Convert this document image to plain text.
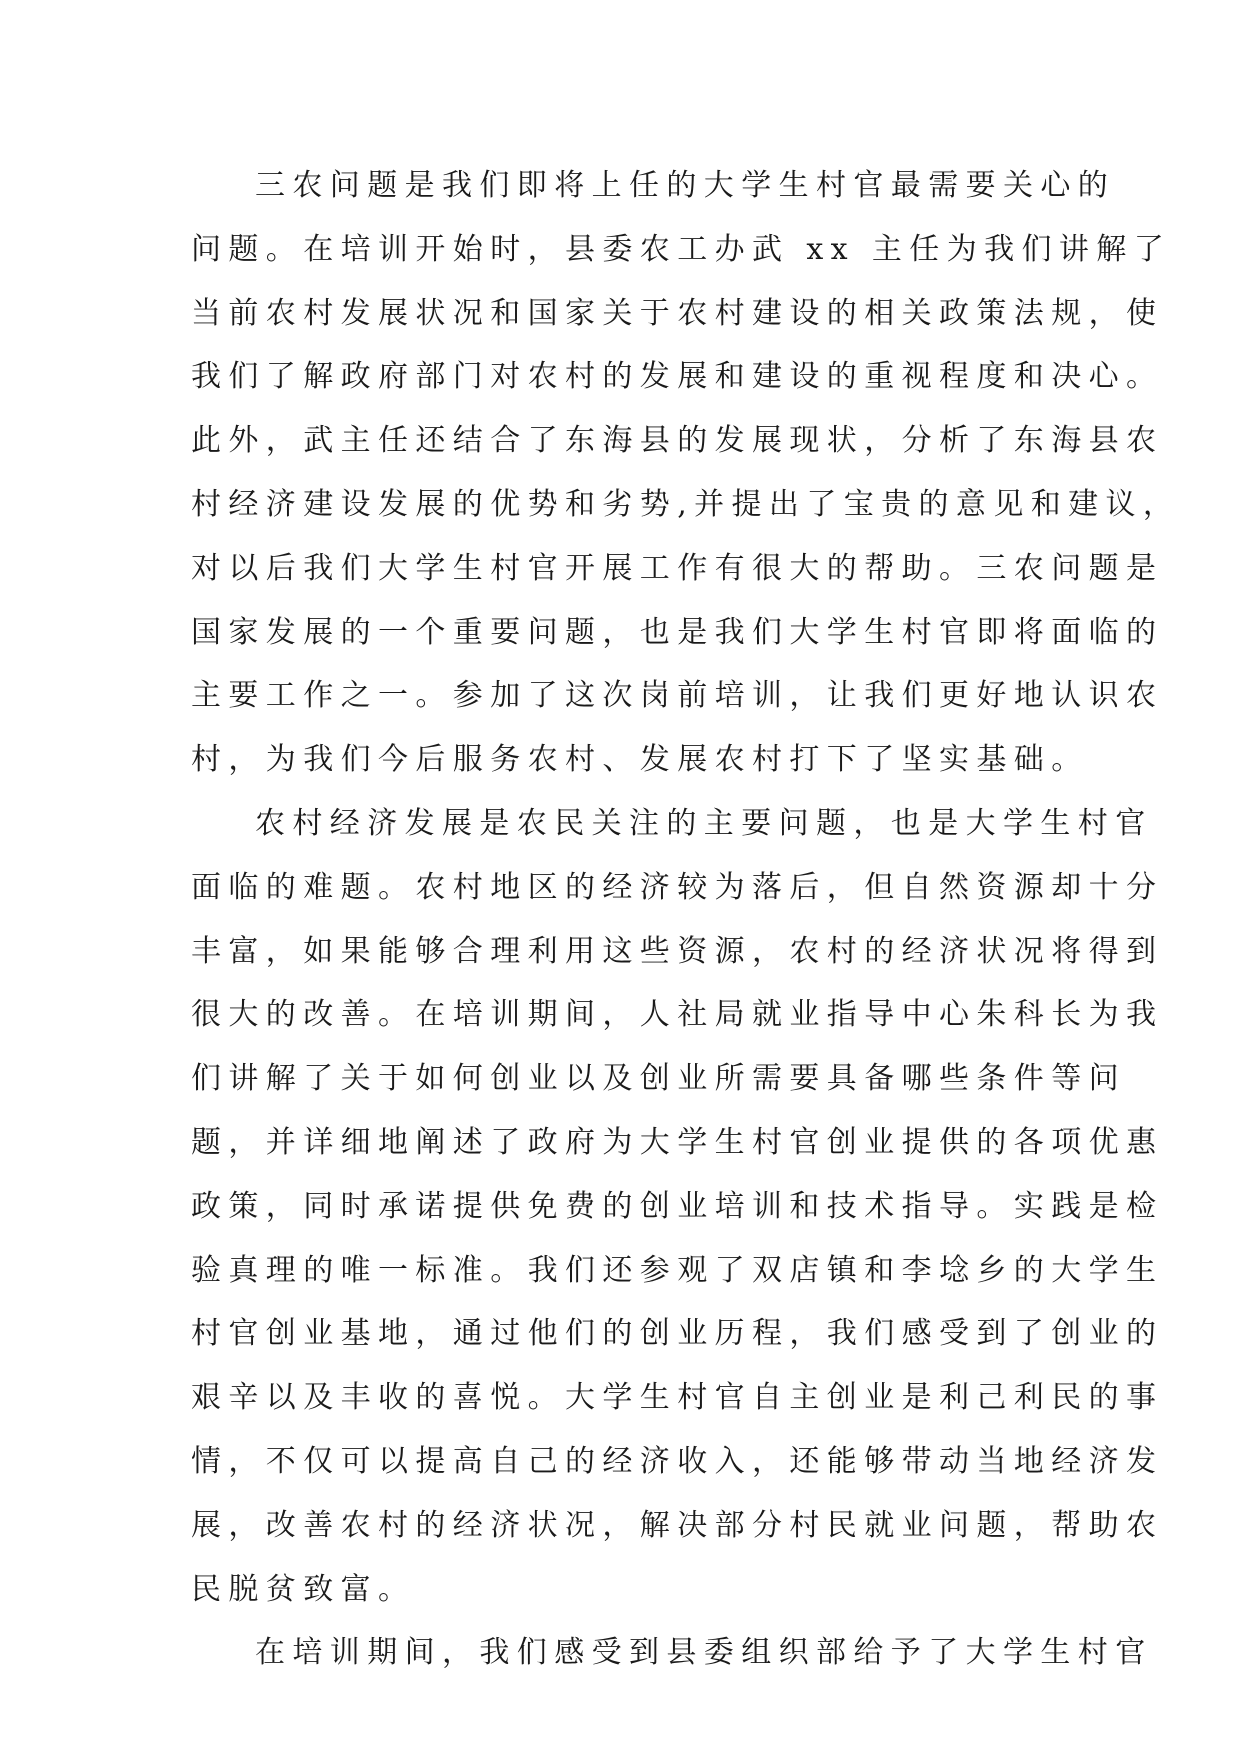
三农问题是我们即将上任的大学生村官最需要关心的
问题。在培训开始时，县委农工办武 xx 主任为我们讲解了
当前农村发展状况和国家关于农村建设的相关政策法规，使
我们了解政府部门对农村的发展和建设的重视程度和决心。
此外，武主任还结合了东海县的发展现状，分析了东海县农
村经济建设发展的优势和劣势,并提出了宝贵的意见和建议，
对以后我们大学生村官开展工作有很大的帮助。三农问题是
国家发展的一个重要问题，也是我们大学生村官即将面临的
主要工作之一。参加了这次岗前培训，让我们更好地认识农
村，为我们今后服务农村、发展农村打下了坚实基础。
农村经济发展是农民关注的主要问题，也是大学生村官
面临的难题。农村地区的经济较为落后，但自然资源却十分
丰富，如果能够合理利用这些资源，农村的经济状况将得到
很大的改善。在培训期间，人社局就业指导中心朱科长为我
们讲解了关于如何创业以及创业所需要具备哪些条件等问
题，并详细地阐述了政府为大学生村官创业提供的各项优惠
政策，同时承诺提供免费的创业培训和技术指导。实践是检
验真理的唯一标准。我们还参观了双店镇和李埝乡的大学生
村官创业基地，通过他们的创业历程，我们感受到了创业的
艰辛以及丰收的喜悦。大学生村官自主创业是利己利民的事
情，不仅可以提高自己的经济收入，还能够带动当地经济发
展，改善农村的经济状况，解决部分村民就业问题，帮助农
民脱贫致富。
在培训期间，我们感受到县委组织部给予了大学生村官
